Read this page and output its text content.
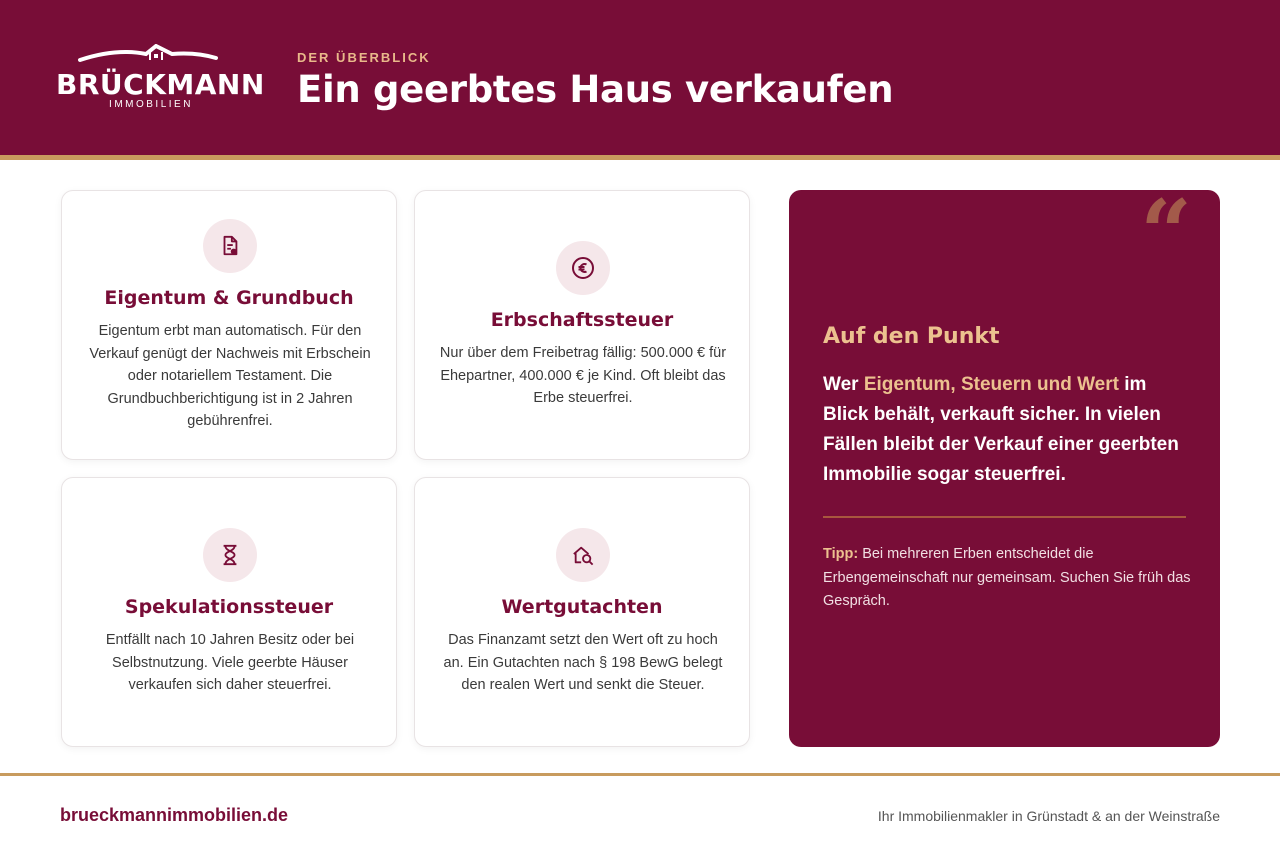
BRÜCKMANN
IMMOBILIEN
DER ÜBERBLICK
Ein geerbtes Haus verkaufen
Eigentum & Grundbuch
Eigentum erbt man automatisch. Für den Verkauf genügt der Nachweis mit Erbschein oder notariellem Testament. Die Grundbuchberichtigung ist in 2 Jahren gebührenfrei.
Erbschaftssteuer
Nur über dem Freibetrag fällig: 500.000 € für Ehepartner, 400.000 € je Kind. Oft bleibt das Erbe steuerfrei.
Spekulationssteuer
Entfällt nach 10 Jahren Besitz oder bei Selbstnutzung. Viele geerbte Häuser verkaufen sich daher steuerfrei.
Wertgutachten
Das Finanzamt setzt den Wert oft zu hoch an. Ein Gutachten nach § 198 BewG belegt den realen Wert und senkt die Steuer.
“
Auf den Punkt
Wer Eigentum, Steuern und Wert im Blick behält, verkauft sicher. In vielen Fällen bleibt der Verkauf einer geerbten Immobilie sogar steuerfrei.
Tipp: Bei mehreren Erben entscheidet die Erbengemeinschaft nur gemeinsam. Suchen Sie früh das Gespräch.
brueckmannimmobilien.de	Ihr Immobilienmakler in Grünstadt & an der Weinstraße
